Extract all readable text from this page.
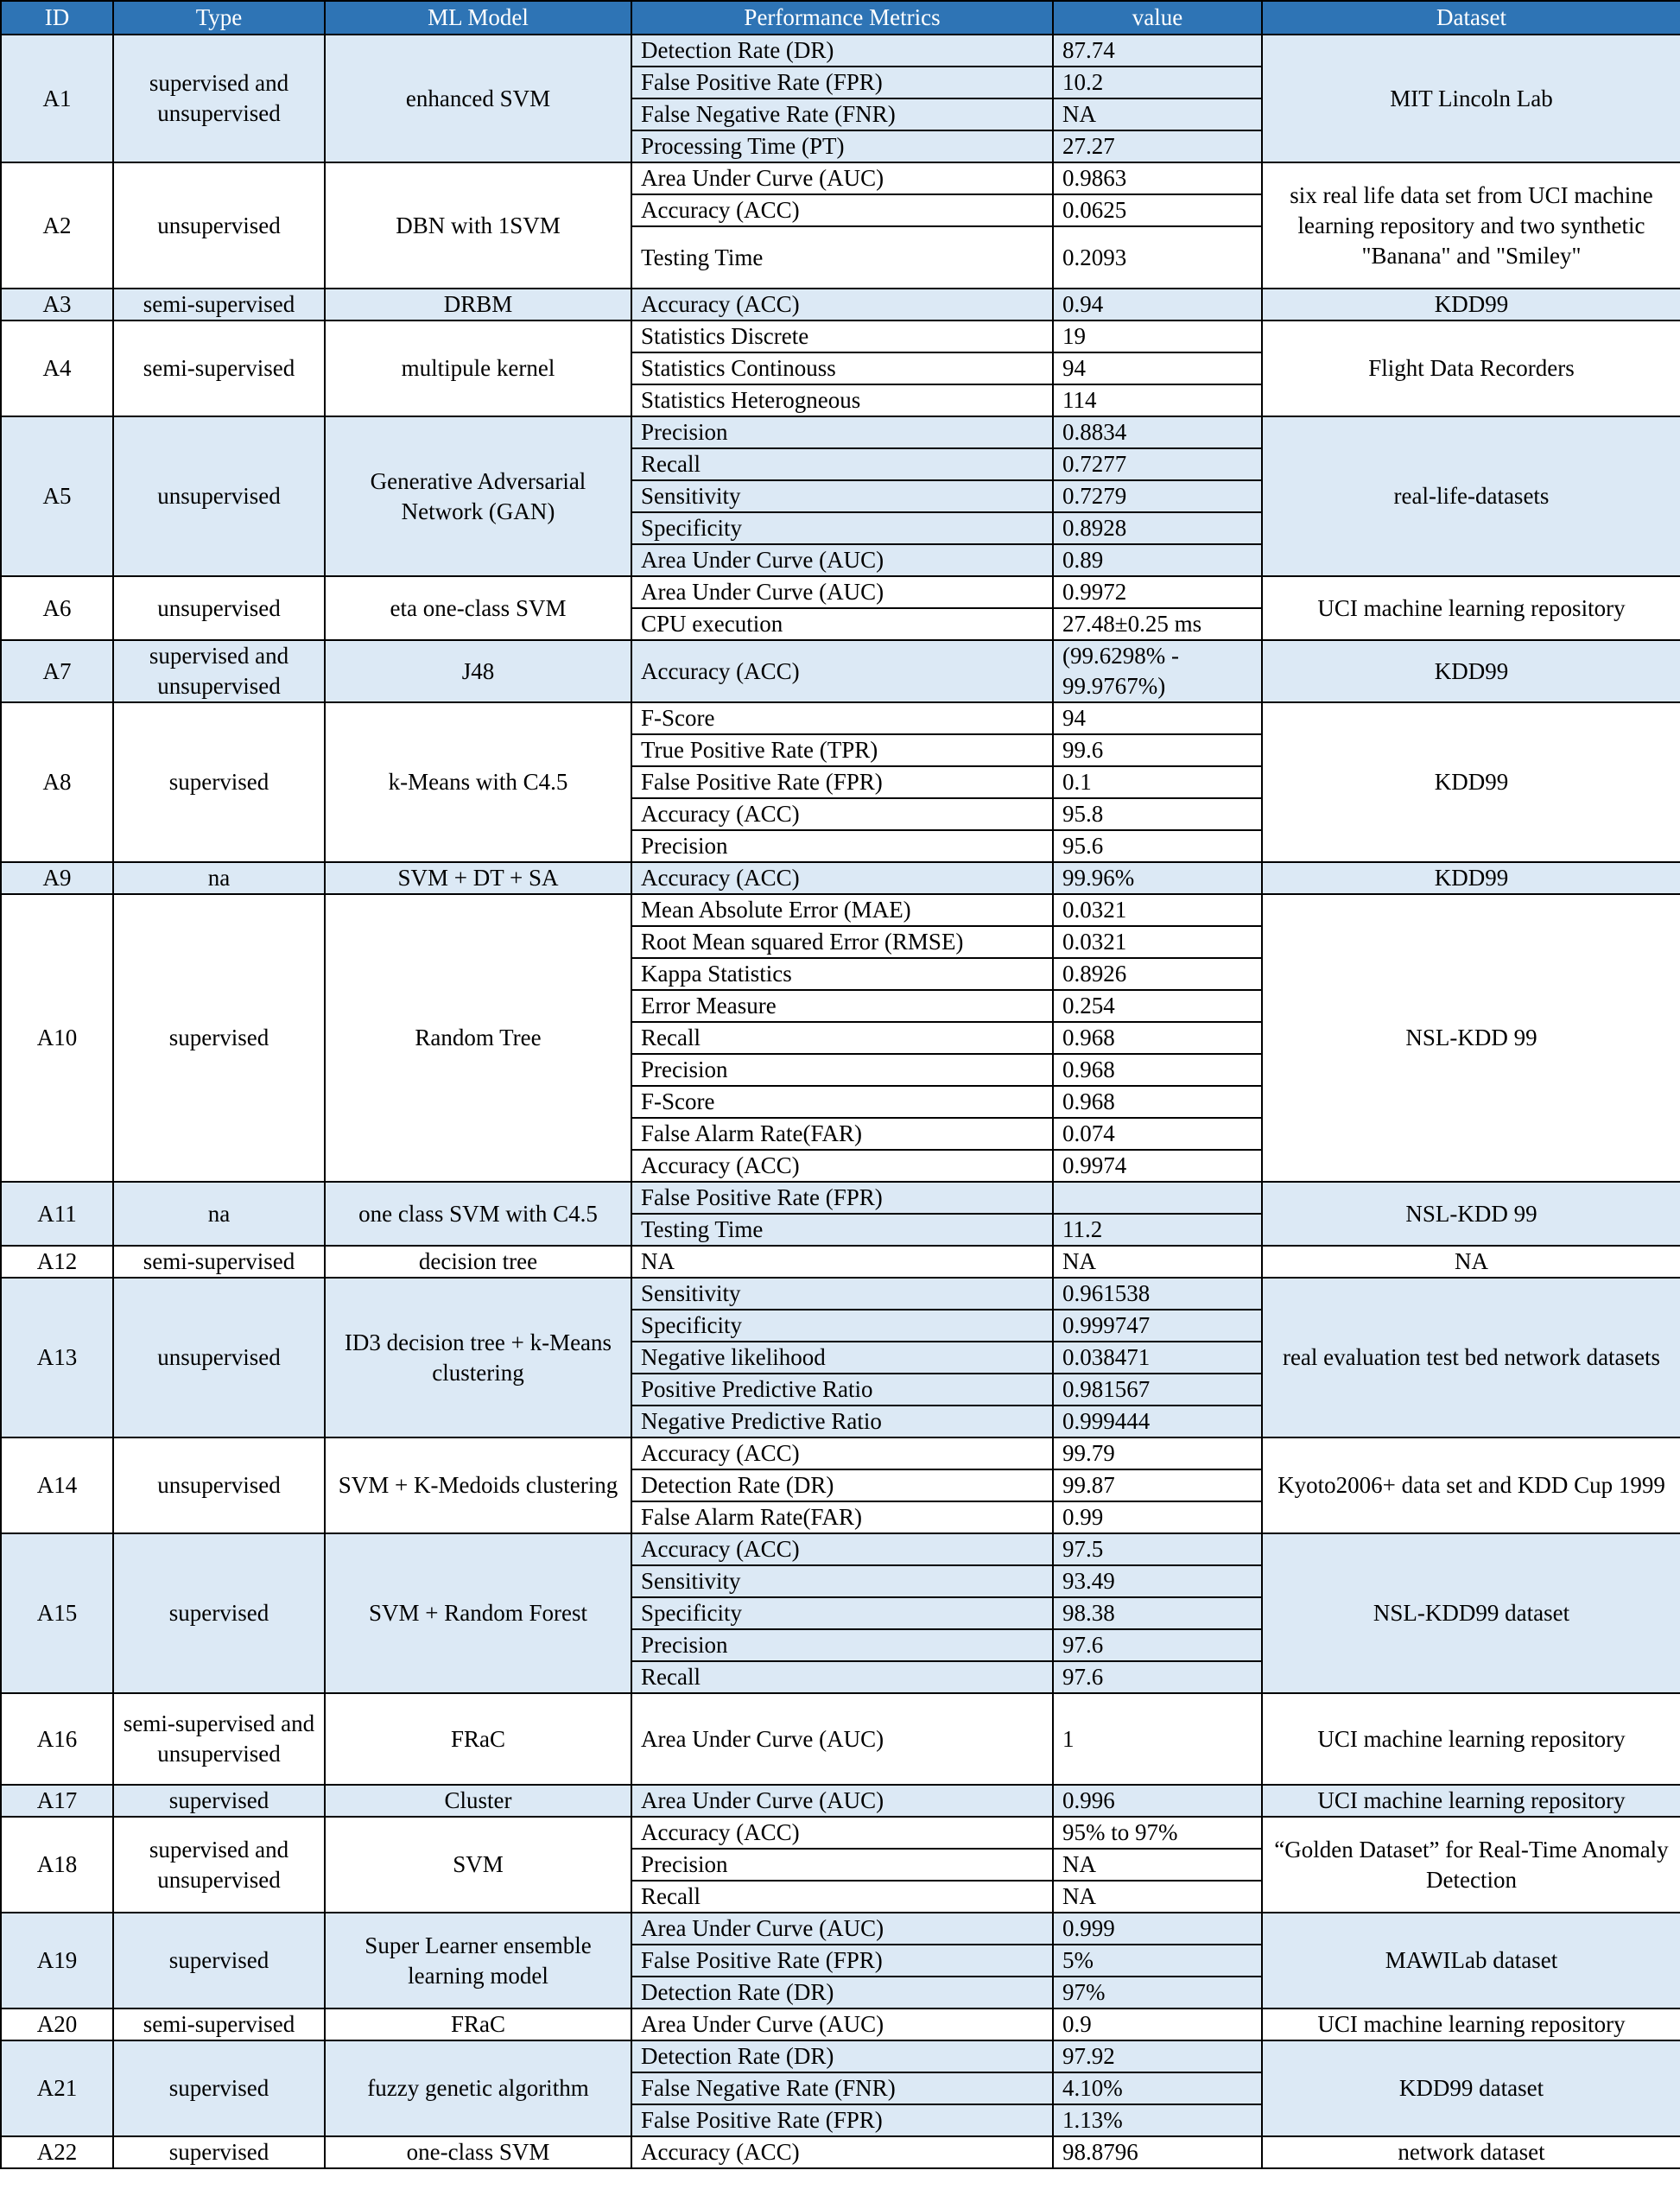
ID	Type	ML Model	Performance Metrics	value	Dataset
A1	supervised and unsupervised	enhanced SVM	Detection Rate (DR)	87.74	MIT Lincoln Lab
			False Positive Rate (FPR)	10.2	
			False Negative Rate (FNR)	NA	
			Processing Time (PT)	27.27	
A2	unsupervised	DBN with 1SVM	Area Under Curve (AUC)	0.9863	six real life data set from UCI machine learning repository and two synthetic "Banana" and "Smiley"
			Accuracy (ACC)	0.0625	
			Testing Time	0.2093	
A3	semi-supervised	DRBM	Accuracy (ACC)	0.94	KDD99
A4	semi-supervised	multipule kernel	Statistics Discrete	19	Flight Data Recorders
			Statistics Continouss	94	
			Statistics Heterogneous	114	
A5	unsupervised	Generative Adversarial Network (GAN)	Precision	0.8834	real-life-datasets
			Recall	0.7277	
			Sensitivity	0.7279	
			Specificity	0.8928	
			Area Under Curve (AUC)	0.89	
A6	unsupervised	eta one-class SVM	Area Under Curve (AUC)	0.9972	UCI machine learning repository
			CPU execution	27.48±0.25 ms	
A7	supervised and unsupervised	J48	Accuracy (ACC)	(99.6298% - 99.9767%)	KDD99
A8	supervised	k-Means with C4.5	F-Score	94	KDD99
			True Positive Rate (TPR)	99.6	
			False Positive Rate (FPR)	0.1	
			Accuracy (ACC)	95.8	
			Precision	95.6	
A9	na	SVM + DT + SA	Accuracy (ACC)	99.96%	KDD99
A10	supervised	Random Tree	Mean Absolute Error (MAE)	0.0321	NSL-KDD 99
			Root Mean squared Error (RMSE)	0.0321	
			Kappa Statistics	0.8926	
			Error Measure	0.254	
			Recall	0.968	
			Precision	0.968	
			F-Score	0.968	
			False Alarm Rate(FAR)	0.074	
			Accuracy (ACC)	0.9974	
A11	na	one class SVM with C4.5	False Positive Rate (FPR)		NSL-KDD 99
			Testing Time	11.2	
A12	semi-supervised	decision tree	NA	NA	NA
A13	unsupervised	ID3 decision tree + k-Means clustering	Sensitivity	0.961538	real evaluation test bed network datasets
			Specificity	0.999747	
			Negative likelihood	0.038471	
			Positive Predictive Ratio	0.981567	
			Negative Predictive Ratio	0.999444	
A14	unsupervised	SVM + K-Medoids clustering	Accuracy (ACC)	99.79	Kyoto2006+ data set and KDD Cup 1999
			Detection Rate (DR)	99.87	
			False Alarm Rate(FAR)	0.99	
A15	supervised	SVM + Random Forest	Accuracy (ACC)	97.5	NSL-KDD99 dataset
			Sensitivity	93.49	
			Specificity	98.38	
			Precision	97.6	
			Recall	97.6	
A16	semi-supervised and unsupervised	FRaC	Area Under Curve (AUC)	1	UCI machine learning repository
A17	supervised	Cluster	Area Under Curve (AUC)	0.996	UCI machine learning repository
A18	supervised and unsupervised	SVM	Accuracy (ACC)	95% to 97%	“Golden Dataset” for Real-Time Anomaly Detection
			Precision	NA	
			Recall	NA	
A19	supervised	Super Learner ensemble learning model	Area Under Curve (AUC)	0.999	MAWILab dataset
			False Positive Rate (FPR)	5%	
			Detection Rate (DR)	97%	
A20	semi-supervised	FRaC	Area Under Curve (AUC)	0.9	UCI machine learning repository
A21	supervised	fuzzy genetic algorithm	Detection Rate (DR)	97.92	KDD99 dataset
			False Negative Rate (FNR)	4.10%	
			False Positive Rate (FPR)	1.13%	
A22	supervised	one-class SVM	Accuracy (ACC)	98.8796	network dataset
